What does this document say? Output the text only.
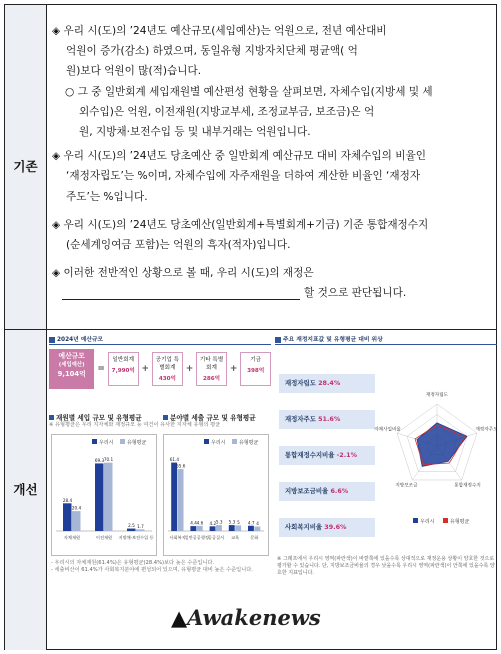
기존
개선
◈ 우리 시(도)의 ’24년도 예산규모(세입예산)는 억원으로, 전년 예산대비
억원이 증가(감소) 하였으며, 동일유형 지방자치단체 평균액( 억
원)보다 억원이 많(적)습니다.
○ 그 중 일반회계 세입재원별 예산편성 현황을 살펴보면, 자체수입(지방세 및 세
외수입)은 억원, 이전재원(지방교부세, 조정교부금, 보조금)은 억
원, 지방채·보전수입 등 및 내부거래는 억원입니다.
◈ 우리 시(도)의 ’24년도 당초예산 중 일반회계 예산규모 대비 자체수입의 비율인
‘재정자립도’는 %이며, 자체수입에 자주재원을 더하여 계산한 비율인 ‘재정자
주도’는 %입니다.
◈ 우리 시(도)의 ’24년도 당초예산(일반회계+특별회계+기금) 기준 통합재정수지
(순세계잉여금 포함)는 억원의 흑자(적자)입니다.
◈ 이러한 전반적인 상황으로 볼 때, 우리 시(도)의 재정은
할 것으로 판단됩니다.
2024년 예산규모
예산규모
(세입예산)
9,104억	=
일반회계
7,990억 +
공기업 특별회계
430억
+
기타 특별회계
286억
+
기금
398억
재원별 세입 규모 및 유형평균
※ 유형평균은 우리 지자체와 재정규모 등 여건이 유사한 지자체 유형의 평균
분야별 세출 규모 및 유형평균
우리시	유형평균
28.4
20.4
자체재원
69.3 70.1
이전재원
2.5 1.7
지방채·보전수입 등
우리시	유형평균
61.4
55.6
사회복지
4.4 4.6
일반공공행정
4.2 5.3
공공질서
5.3 5
교육
4.7 4
문화
- 우리시의 자체재원(61.4%)은 유형평균(28.4%)보다 높은 수준입니다.
- 세출비산이 61.4%가 사회복지분야에 편성되어 있으며, 유형평균 대비 높은 수준입니다.
주요 재정지표값 및 유형평균 대비 위상
재정자립도 28.4%
재정자주도 51.6%
통합재정수지비율 -2.1%
지방보조금비율 6.6%
사회복지비율 39.6%
재정자립도
재정자주도
통합재정수지
지방보조금
자체사업비율
우리시	유형평균
※ 그래프에서 우리시 영역(파란색)이 바깥쪽에 있을수록 상대적으로 재정운용 상황이 양호한 것으로 평가할 수 있습니다. 단, 지방보조금비율의 경우 낮을수록 우리시 영역(파란색)이 안쪽에 있을수록 양호한 지표입니다.
▲Awakenews
